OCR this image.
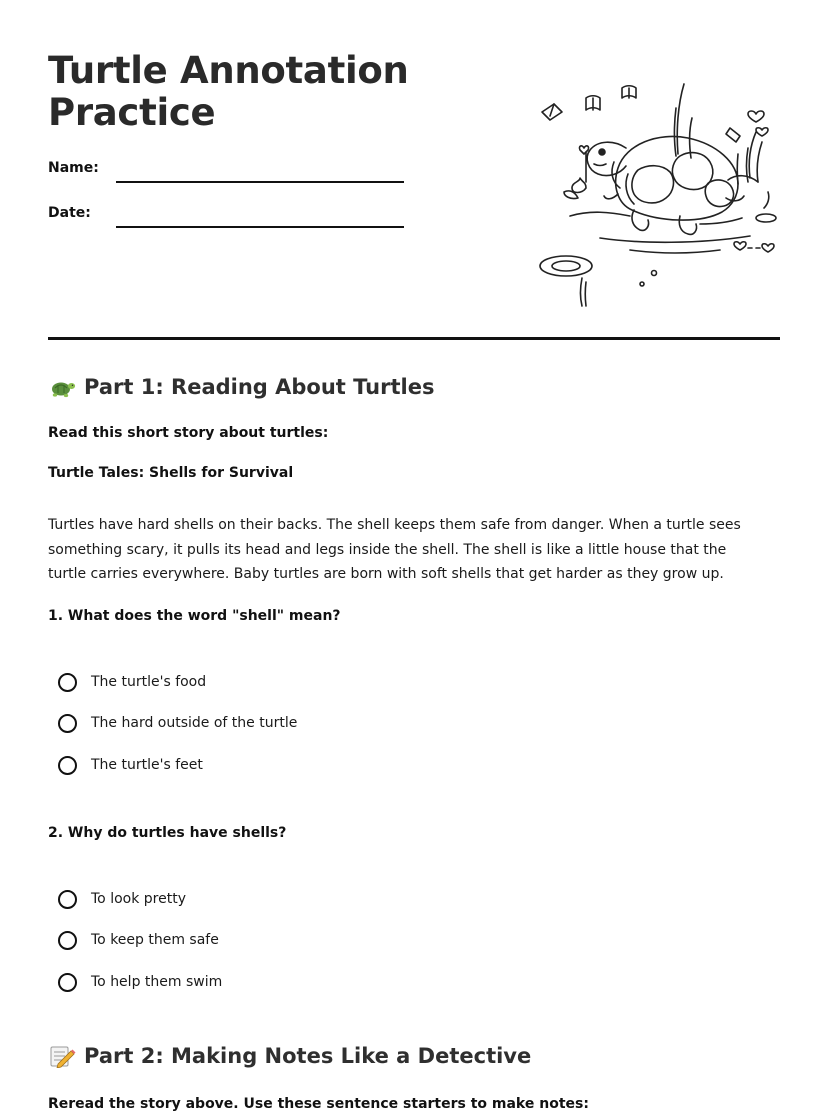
Turtle Annotation Practice
Name:
Date:
Part 1: Reading About Turtles
Read this short story about turtles:
Turtle Tales: Shells for Survival

Turtles have hard shells on their backs. The shell keeps them safe from danger. When a turtle sees something scary, it pulls its head and legs inside the shell. The shell is like a little house that the turtle carries everywhere. Baby turtles are born with soft shells that get harder as they grow up.

1. What does the word "shell" mean?
The turtle's food
The hard outside of the turtle
The turtle's feet
2. Why do turtles have shells?
To look pretty
To keep them safe
To help them swim
Part 2: Making Notes Like a Detective
Reread the story above. Use these sentence starters to make notes:
